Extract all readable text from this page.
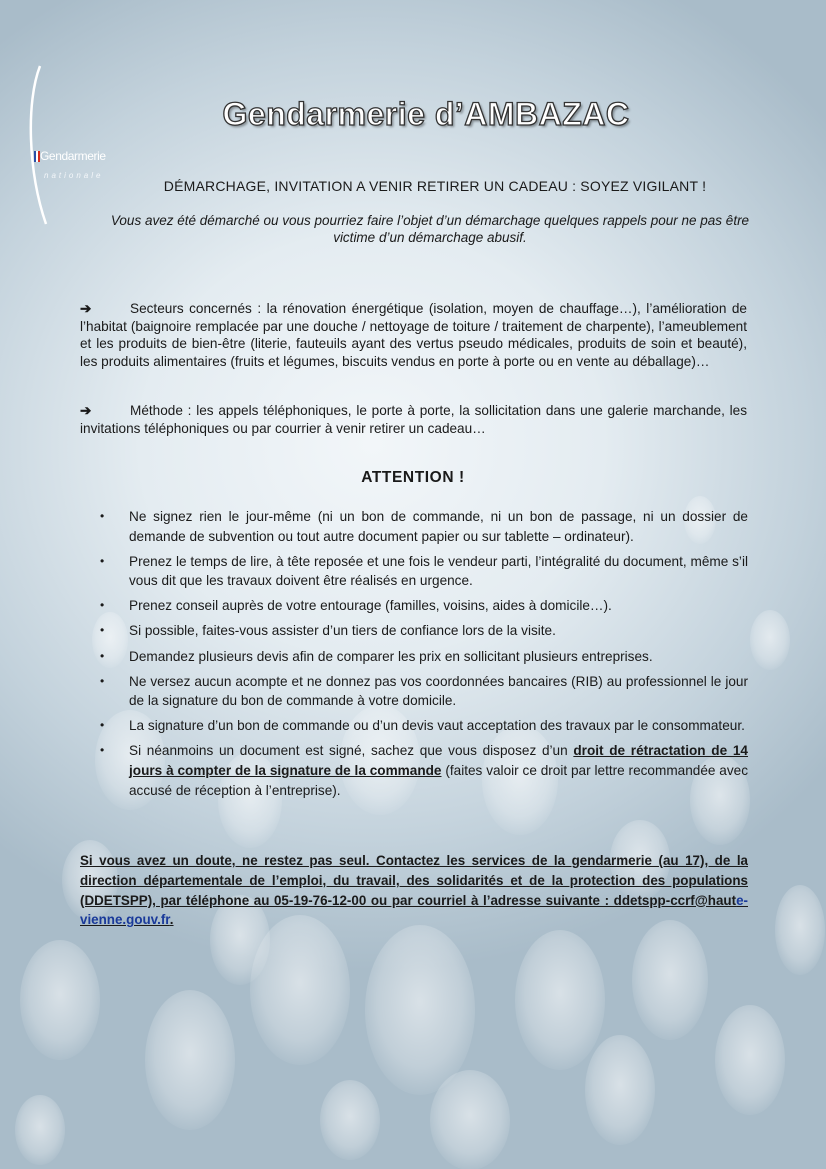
Gendarmerie
nationale
Gendarmerie d’AMBAZAC
DÉMARCHAGE, INVITATION A VENIR RETIRER UN CADEAU : SOYEZ VIGILANT !
Vous avez été démarché ou vous pourriez faire l’objet d’un démarchage quelques rappels pour ne pas être victime d’un démarchage abusif.
➔	Secteurs concernés : la rénovation énergétique (isolation, moyen de chauffage…), l’amélioration de l’habitat (baignoire remplacée par une douche / nettoyage de toiture / traitement de charpente), l’ameublement et les produits de bien-être (literie, fauteuils ayant des vertus pseudo médicales, produits de soin et beauté), les produits alimentaires (fruits et légumes, biscuits vendus en porte à porte ou en vente au déballage)…
➔	Méthode : les appels téléphoniques, le porte à porte, la sollicitation dans une galerie marchande, les invitations téléphoniques ou par courrier à venir retirer un cadeau…
ATTENTION !
• Ne signez rien le jour-même (ni un bon de commande, ni un bon de passage, ni un dossier de demande de subvention ou tout autre document papier ou sur tablette – ordinateur).
• Prenez le temps de lire, à tête reposée et une fois le vendeur parti, l’intégralité du document, même s’il vous dit que les travaux doivent être réalisés en urgence.
• Prenez conseil auprès de votre entourage (familles, voisins, aides à domicile…).
• Si possible, faites-vous assister d’un tiers de confiance lors de la visite.
• Demandez plusieurs devis afin de comparer les prix en sollicitant plusieurs entreprises.
• Ne versez aucun acompte et ne donnez pas vos coordonnées bancaires (RIB) au professionnel le jour de la signature du bon de commande à votre domicile.
• La signature d’un bon de commande ou d’un devis vaut acceptation des travaux par le consommateur.
• Si néanmoins un document est signé, sachez que vous disposez d’un droit de rétractation de 14 jours à compter de la signature de la commande (faites valoir ce droit par lettre recommandée avec accusé de réception à l’entreprise).
Si vous avez un doute, ne restez pas seul. Contactez les services de la gendarmerie (au 17), de la direction départementale de l’emploi, du travail, des solidarités et de la protection des populations (DDETSPP), par téléphone au 05-19-76-12-00 ou par courriel à l’adresse suivante : ddetspp-ccrf@haute-vienne.gouv.fr.
